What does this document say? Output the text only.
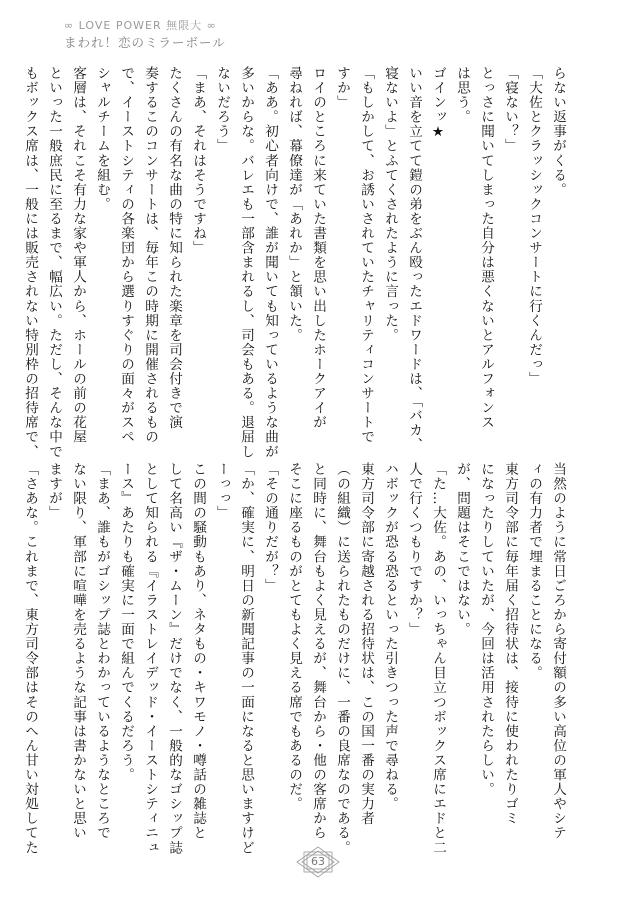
∞ LOVE POWER 無限大 ∞
まわれ！恋のミラーボール

らない返事がくる。

「大佐とクラッシックコンサートに行くんだっ」

「寝ない？」

とっさに聞いてしまった自分は悪くないとアルフォンス

は思う。

ゴインッ★

いい音を立てて鎧の弟をぶん殴ったエドワードは、「バカ、

寝ないよ」とふてくされたように言った。

「もしかして、お誘いされていたチャリティコンサートで

すか」

ロイのところに来ていた書類を思い出したホークアイが

尋ねれば、幕僚達が「あれか」と頷いた。

「ああ。初心者向けで、誰が聞いても知っているような曲が

多いからな。バレエも一部含まれるし、司会もある。退屈し

ないだろう」

「まあ、それはそうですね」

たくさんの有名な曲の特に知られた楽章を司会付きで演

奏するこのコンサートは、毎年この時期に開催されるもの

で、イーストシティの各楽団から選りすぐりの面々がスペ

シャルチームを組む。

客層は、それこそ有力な家や軍人から、ホールの前の花屋

といった一般庶民に至るまで、幅広い。ただし、そんな中で

もボックス席は、一般には販売されない特別枠の招待席で、

当然のように常日ごろから寄付額の多い高位の軍人やシテ

ィの有力者で埋まることになる。

東方司令部に毎年届く招待状は、接待に使われたりゴミ

になったりしていたが、今回は活用されたらしい。

が、問題はそこではない。

「た…大佐。あの、いっちゃん目立つボックス席にエドと二

人で行くつもりですか？」

ハボックが恐る恐るといった引きつった声で尋ねる。

東方司令部に寄越される招待状は、この国一番の実力者

（の組織）に送られたものだけに、一番の良席なのである。

と同時に、舞台もよく見えるが、舞台から・他の客席から

そこに座るものがとてもよく見える席でもあるのだ。

「その通りだが？」

「か、確実に、明日の新聞記事の一面になると思いますけど

ーっっ」

この間の騒動もあり、ネタもの・キワモノ・噂話の雑誌と

して名高い『ザ・ムーン』だけでなく、一般的なゴシップ誌

として知られる『イラストレイデッド・イーストシティニュ

ース』あたりも確実に一面で組んでくるだろう。

「まあ、誰もがゴシップ誌とわかっているようなところで

ない限り、軍部に喧嘩を売るような記事は書かないと思い

ますが」

「さあな。これまで、東方司令部はそのへん甘い対処してた

63
